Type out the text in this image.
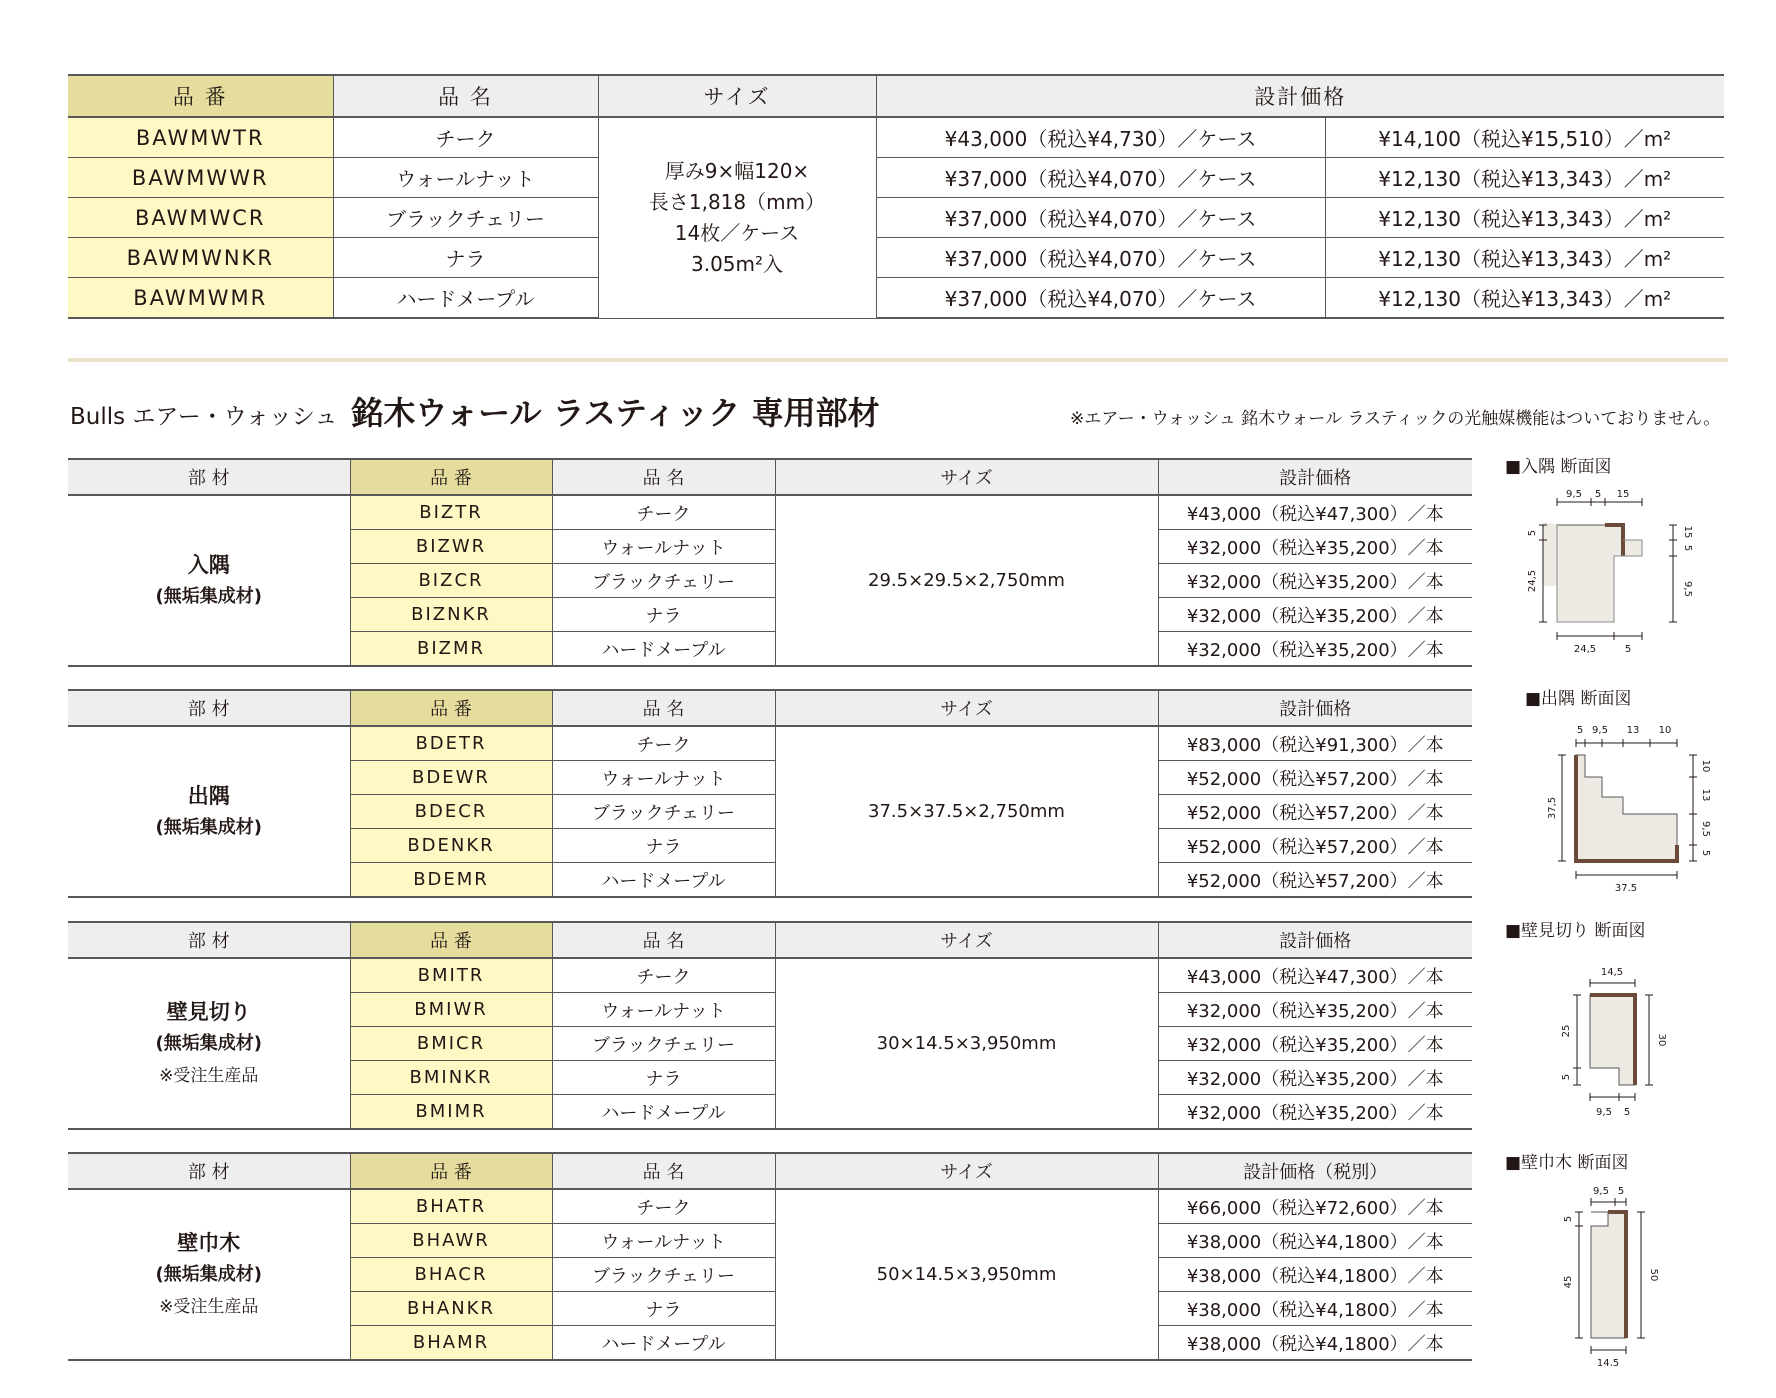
品 番	品 名	サイズ	設計価格	
BAWMWTR	チーク	厚み9×幅120×
長さ1,818（mm）
14枚／ケース
3.05m²入	¥43,000（税込¥4,730）／ケース	¥14,100（税込¥15,510）／m²
BAWMWWR	ウォールナット		¥37,000（税込¥4,070）／ケース	¥12,130（税込¥13,343）／m²
BAWMWCR	ブラックチェリー		¥37,000（税込¥4,070）／ケース	¥12,130（税込¥13,343）／m²
BAWMWNKR	ナラ		¥37,000（税込¥4,070）／ケース	¥12,130（税込¥13,343）／m²
BAWMWMR	ハードメープル		¥37,000（税込¥4,070）／ケース	¥12,130（税込¥13,343）／m²
Bulls エアー・ウォッシュ 銘木ウォール ラスティック 専用部材	※エアー・ウォッシュ 銘木ウォール ラスティックの光触媒機能はついておりません。
部 材	品 番	品 名	サイズ	設計価格

入隅
(無垢集成材)	BIZTR	チーク	29.5×29.5×2,750mm	¥43,000（税込¥47,300）／本
	BIZWR	ウォールナット		¥32,000（税込¥35,200）／本
	BIZCR	ブラックチェリー		¥32,000（税込¥35,200）／本
	BIZNKR	ナラ		¥32,000（税込¥35,200）／本
	BIZMR	ハードメープル		¥32,000（税込¥35,200）／本
部 材	品 番	品 名	サイズ	設計価格

出隅
(無垢集成材)	BDETR	チーク	37.5×37.5×2,750mm	¥83,000（税込¥91,300）／本
	BDEWR	ウォールナット		¥52,000（税込¥57,200）／本
	BDECR	ブラックチェリー		¥52,000（税込¥57,200）／本
	BDENKR	ナラ		¥52,000（税込¥57,200）／本
	BDEMR	ハードメープル		¥52,000（税込¥57,200）／本
部 材	品 番	品 名	サイズ	設計価格

壁見切り
(無垢集成材)
※受注生産品	BMITR	チーク	30×14.5×3,950mm	¥43,000（税込¥47,300）／本
	BMIWR	ウォールナット		¥32,000（税込¥35,200）／本
	BMICR	ブラックチェリー		¥32,000（税込¥35,200）／本
	BMINKR	ナラ		¥32,000（税込¥35,200）／本
	BMIMR	ハードメープル		¥32,000（税込¥35,200）／本
部 材	品 番	品 名	サイズ	設計価格（税別）

壁巾木
(無垢集成材)
※受注生産品	BHATR	チーク	50×14.5×3,950mm	¥66,000（税込¥72,600）／本
	BHAWR	ウォールナット		¥38,000（税込¥4,1800）／本
	BHACR	ブラックチェリー		¥38,000（税込¥4,1800）／本
	BHANKR	ナラ		¥38,000（税込¥4,1800）／本
	BHAMR	ハードメープル		¥38,000（税込¥4,1800）／本
■入隅 断面図
9,5 5 15
5
24,5
15
5
9,5
24,5	5
■出隅 断面図
5 9,5 13 10
37,5
10
13
9,5
5
37.5
■壁見切り 断面図
14,5
25
5
30
9,5 5
■壁巾木 断面図
9,5 5
5
45
50
14,5
